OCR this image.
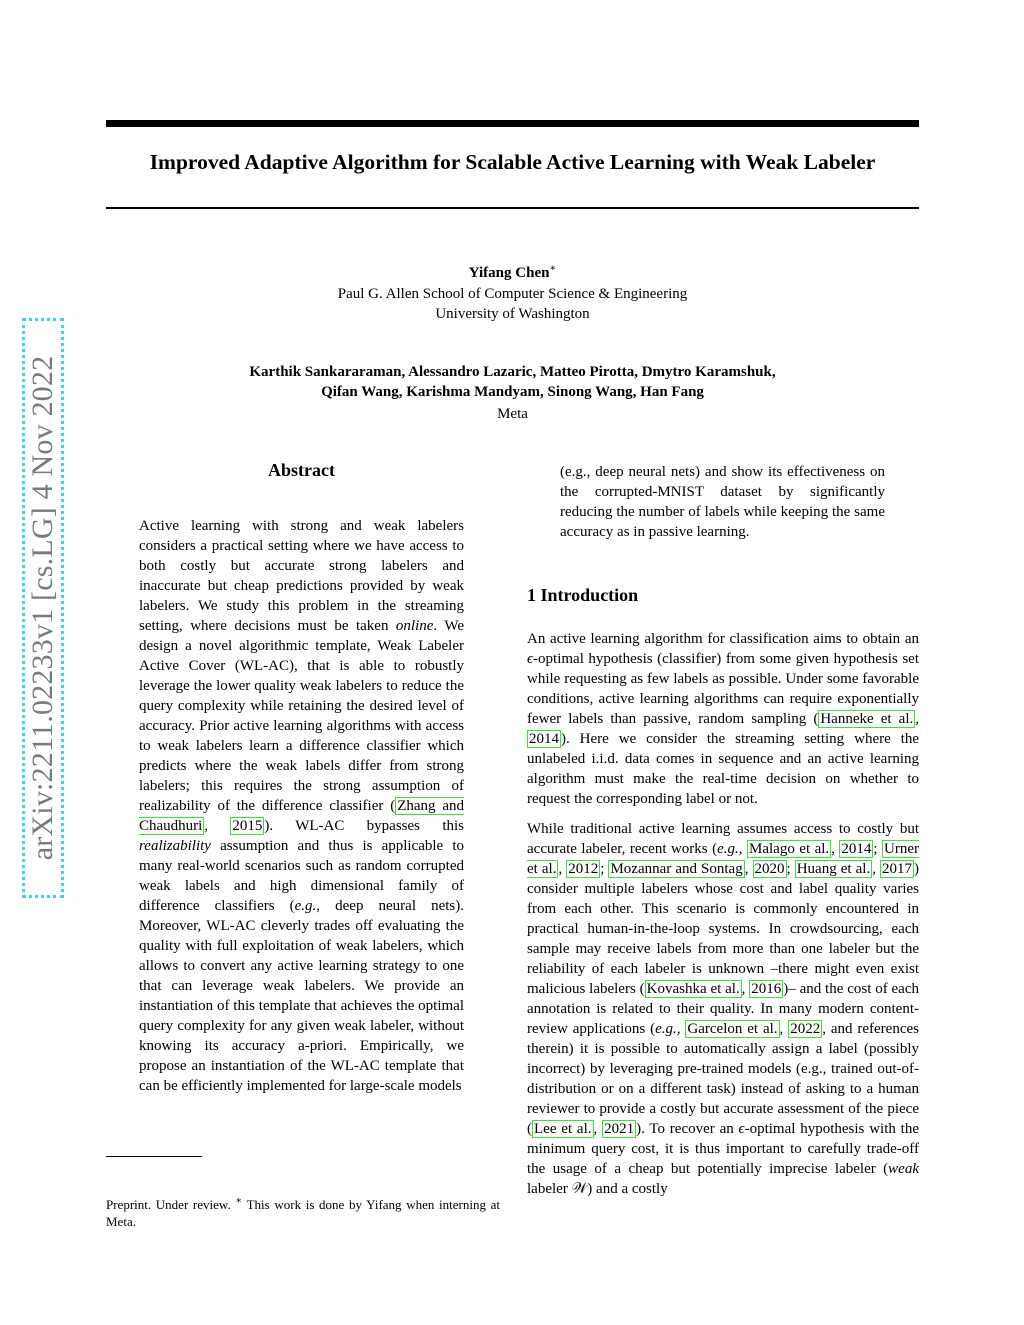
arXiv:2211.02233v1 [cs.LG] 4 Nov 2022
Improved Adaptive Algorithm for Scalable Active Learning with Weak Labeler
Yifang Chen∗
Paul G. Allen School of Computer Science & Engineering
University of Washington
Karthik Sankararaman, Alessandro Lazaric, Matteo Pirotta, Dmytro Karamshuk,
Qifan Wang, Karishma Mandyam, Sinong Wang, Han Fang
Meta
Abstract

Active learning with strong and weak labelers considers a practical setting where we have access to both costly but accurate strong labelers and inaccurate but cheap predictions provided by weak labelers. We study this problem in the streaming setting, where decisions must be taken online. We design a novel algorithmic template, Weak Labeler Active Cover (WL-AC), that is able to robustly leverage the lower quality weak labelers to reduce the query complexity while retaining the desired level of accuracy. Prior active learning algorithms with access to weak labelers learn a difference classifier which predicts where the weak labels differ from strong labelers; this requires the strong assumption of realizability of the difference classifier ( Zhang and Chaudhuri , 2015 ). WL-AC bypasses this realizability assumption and thus is applicable to many real-world scenarios such as random corrupted weak labels and high dimensional family of difference classifiers (e.g., deep neural nets). Moreover, WL-AC cleverly trades off evaluating the quality with full exploitation of weak labelers, which allows to convert any active learning strategy to one that can leverage weak labelers. We provide an instantiation of this template that achieves the optimal query complexity for any given weak labeler, without knowing its accuracy a-priori. Empirically, we propose an instantiation of the WL-AC template that can be efficiently implemented for large-scale models

(e.g., deep neural nets) and show its effectiveness on the corrupted-MNIST dataset by significantly reducing the number of labels while keeping the same accuracy as in passive learning.
1 Introduction

An active learning algorithm for classification aims to obtain an ϵ-optimal hypothesis (classifier) from some given hypothesis set while requesting as few labels as possible. Under some favorable conditions, active learning algorithms can require exponentially fewer labels than passive, random sampling ( Hanneke et al. , 2014 ). Here we consider the streaming setting where the unlabeled i.i.d. data comes in sequence and an active learning algorithm must make the real-time decision on whether to request the corresponding label or not.

While traditional active learning assumes access to costly but accurate labeler, recent works (e.g., Malago et al. , 2014 ; Urner et al. , 2012 ; Mozannar and Sontag , 2020 ; Huang et al. , 2017 ) consider multiple labelers whose cost and label quality varies from each other. This scenario is commonly encountered in practical human-in-the-loop systems. In crowdsourcing, each sample may receive labels from more than one labeler but the reliability of each labeler is unknown –there might even exist malicious labelers ( Kovashka et al. , 2016 )– and the cost of each annotation is related to their quality. In many modern content-review applications (e.g., Garcelon et al. , 2022 , and references therein) it is possible to automatically assign a label (possibly incorrect) by leveraging pre-trained models (e.g., trained out-of-distribution or on a different task) instead of asking to a human reviewer to provide a costly but accurate assessment of the piece ( Lee et al. , 2021 ). To recover an ϵ-optimal hypothesis with the minimum query cost, it is thus important to carefully trade-off the usage of a cheap but potentially imprecise labeler (weak labeler 𝒲) and a costly

Preprint. Under review. ∗ This work is done by Yifang when interning at Meta.
